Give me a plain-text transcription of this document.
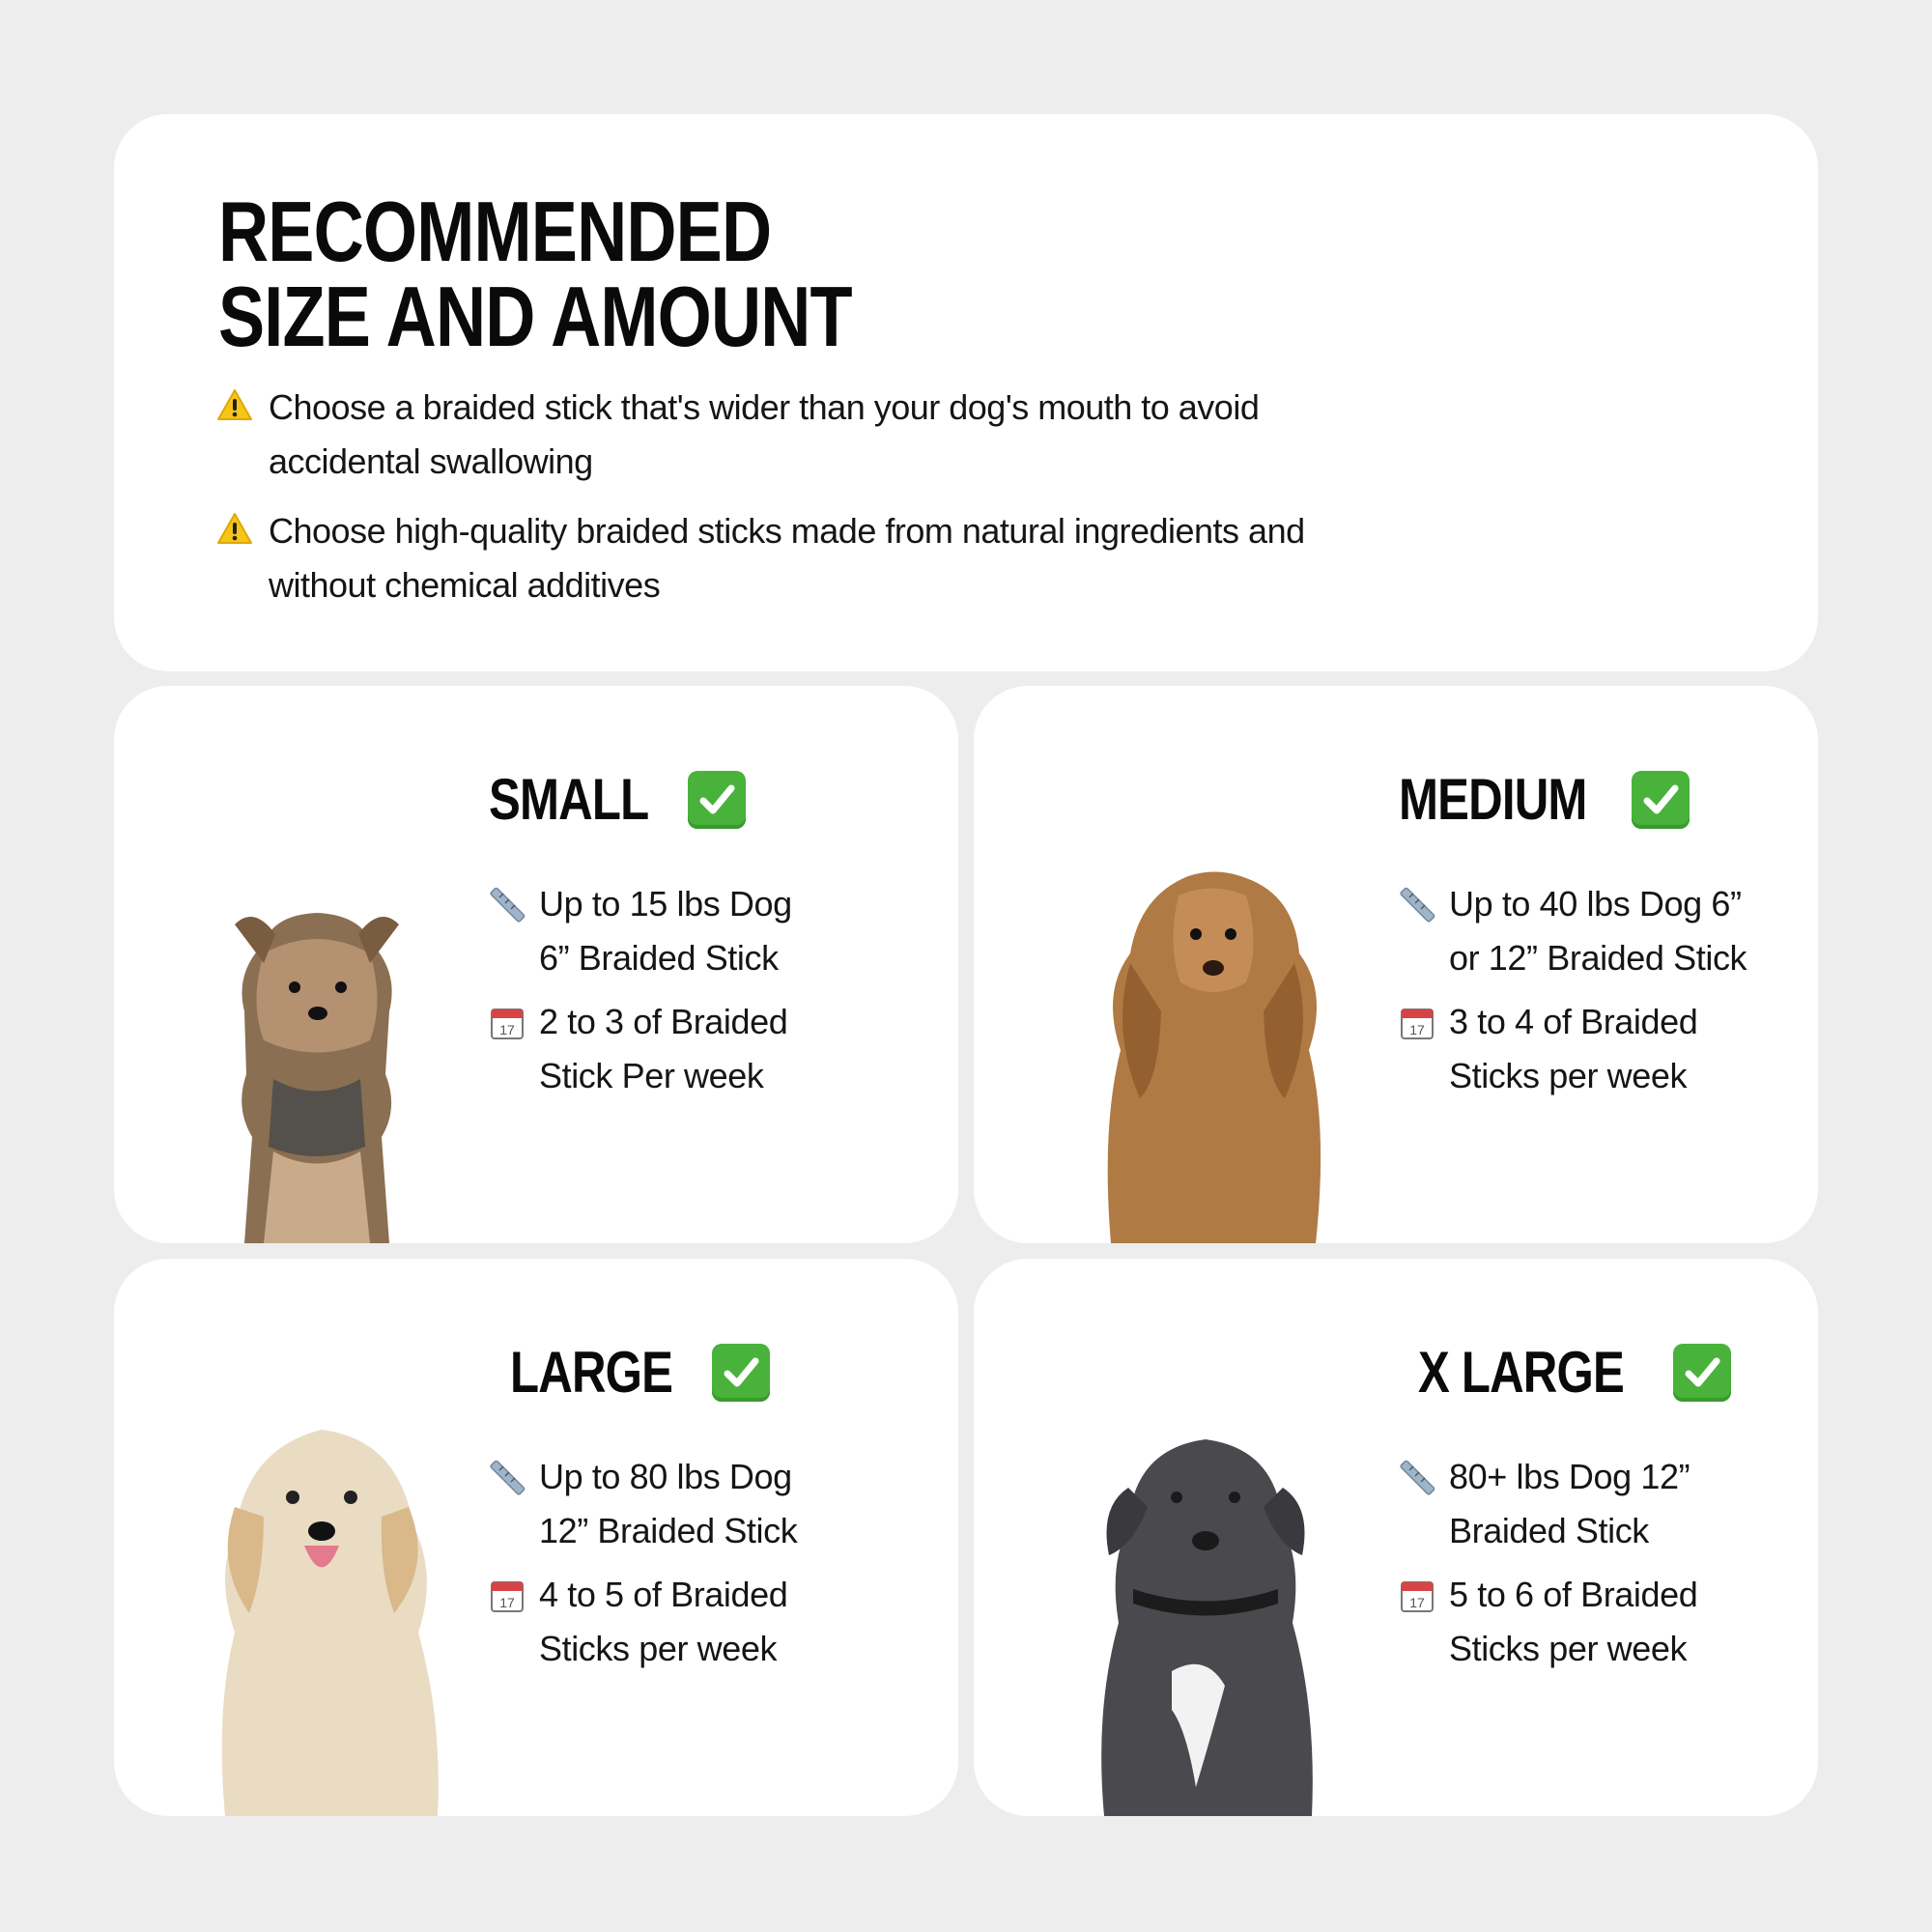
RECOMMENDED
SIZE AND AMOUNT
Choose a braided stick that's wider than your dog's mouth to avoid accidental swallowing
Choose high-quality braided sticks made from natural ingredients and without chemical additives
SMALL
Up to 15 lbs Dog 6” Braided Stick
17 2 to 3 of Braided Stick Per week
MEDIUM
Up to 40 lbs Dog 6” or 12” Braided Stick
17 3 to 4 of Braided Sticks per week
LARGE
Up to 80 lbs Dog 12” Braided Stick
17 4 to 5 of Braided Sticks per week
X LARGE
80+ lbs Dog 12” Braided Stick
17 5 to 6 of Braided Sticks per week
